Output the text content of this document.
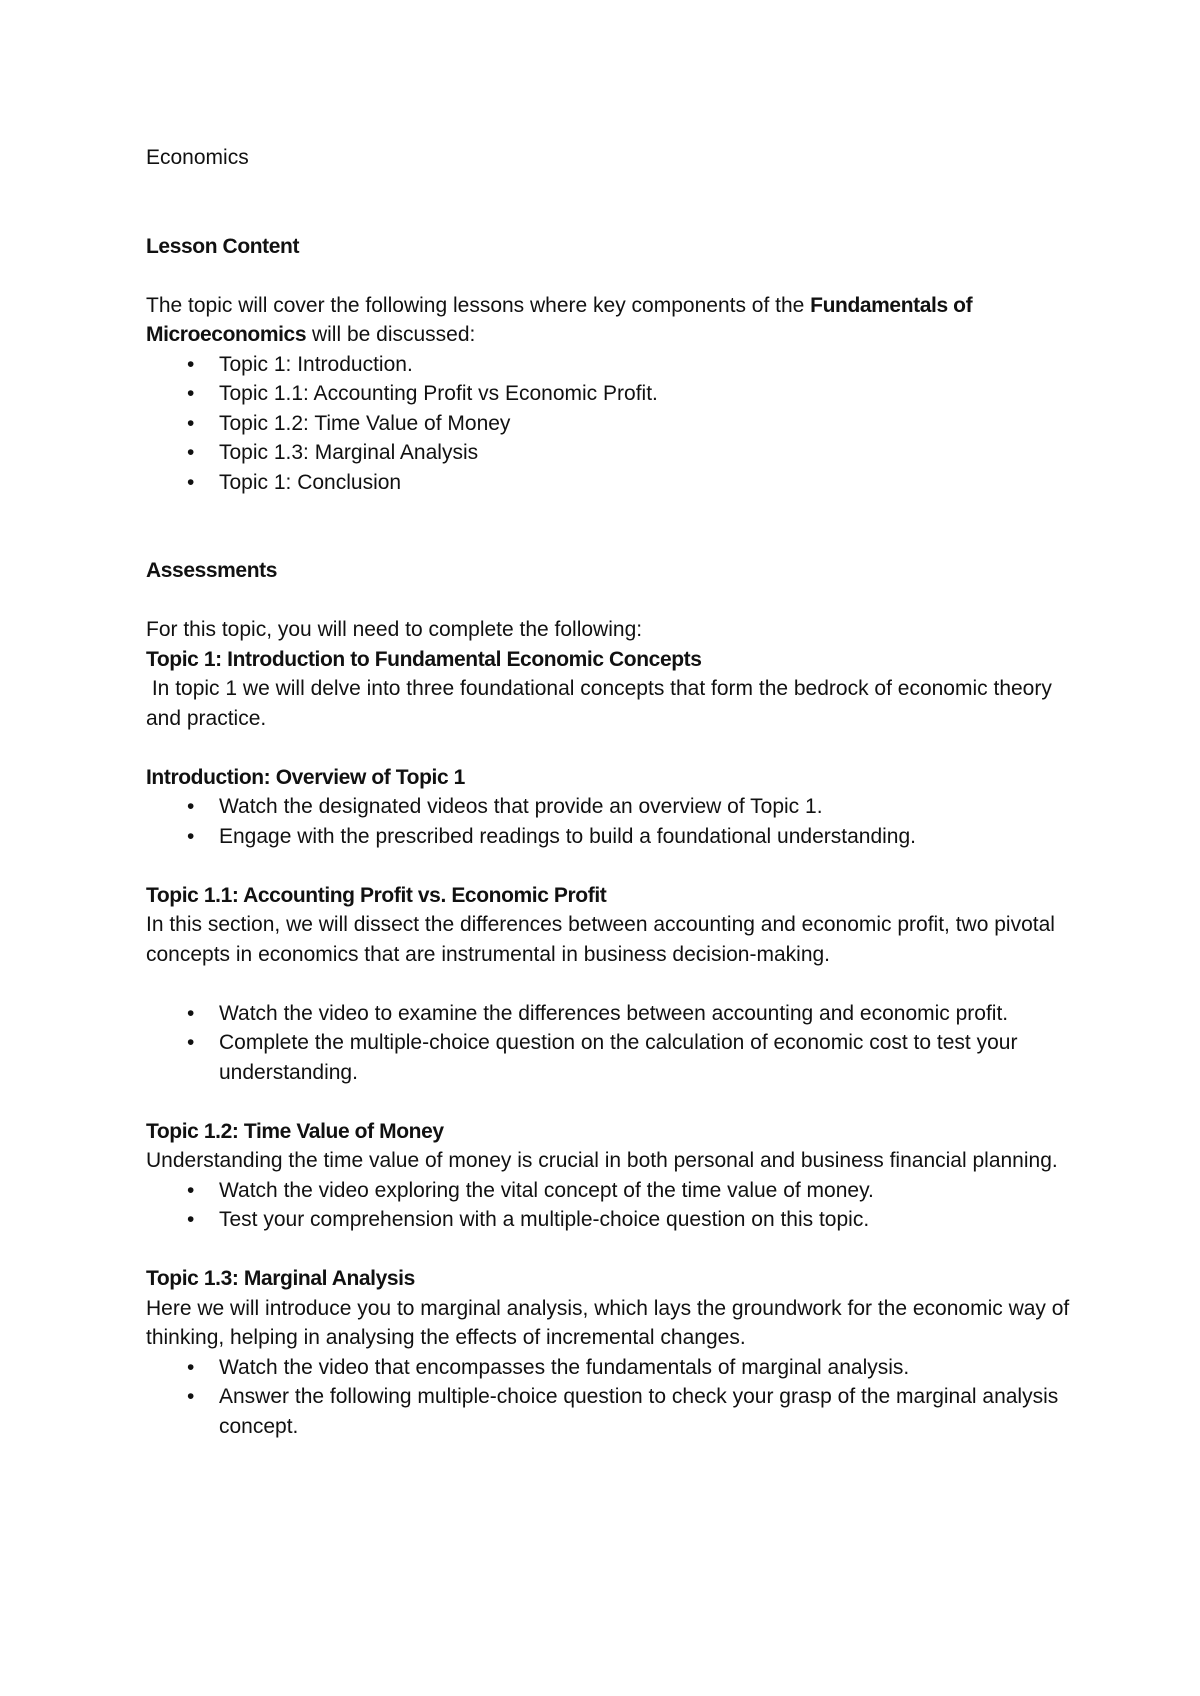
Economics

Lesson Content

The topic will cover the following lessons where key components of the Fundamentals of Microeconomics will be discussed:

• Topic 1: Introduction.
• Topic 1.1: Accounting Profit vs Economic Profit.
• Topic 1.2: Time Value of Money
• Topic 1.3: Marginal Analysis
• Topic 1: Conclusion

Assessments

For this topic, you will need to complete the following:

Topic 1: Introduction to Fundamental Economic Concepts

In topic 1 we will delve into three foundational concepts that form the bedrock of economic theory and practice.

Introduction: Overview of Topic 1

• Watch the designated videos that provide an overview of Topic 1.
• Engage with the prescribed readings to build a foundational understanding.

Topic 1.1: Accounting Profit vs. Economic Profit

In this section, we will dissect the differences between accounting and economic profit, two pivotal concepts in economics that are instrumental in business decision-making.

• Watch the video to examine the differences between accounting and economic profit.
• Complete the multiple-choice question on the calculation of economic cost to test your understanding.

Topic 1.2: Time Value of Money

Understanding the time value of money is crucial in both personal and business financial planning.

• Watch the video exploring the vital concept of the time value of money.
• Test your comprehension with a multiple-choice question on this topic.

Topic 1.3: Marginal Analysis

Here we will introduce you to marginal analysis, which lays the groundwork for the economic way of thinking, helping in analysing the effects of incremental changes.

• Watch the video that encompasses the fundamentals of marginal analysis.
• Answer the following multiple-choice question to check your grasp of the marginal analysis concept.
